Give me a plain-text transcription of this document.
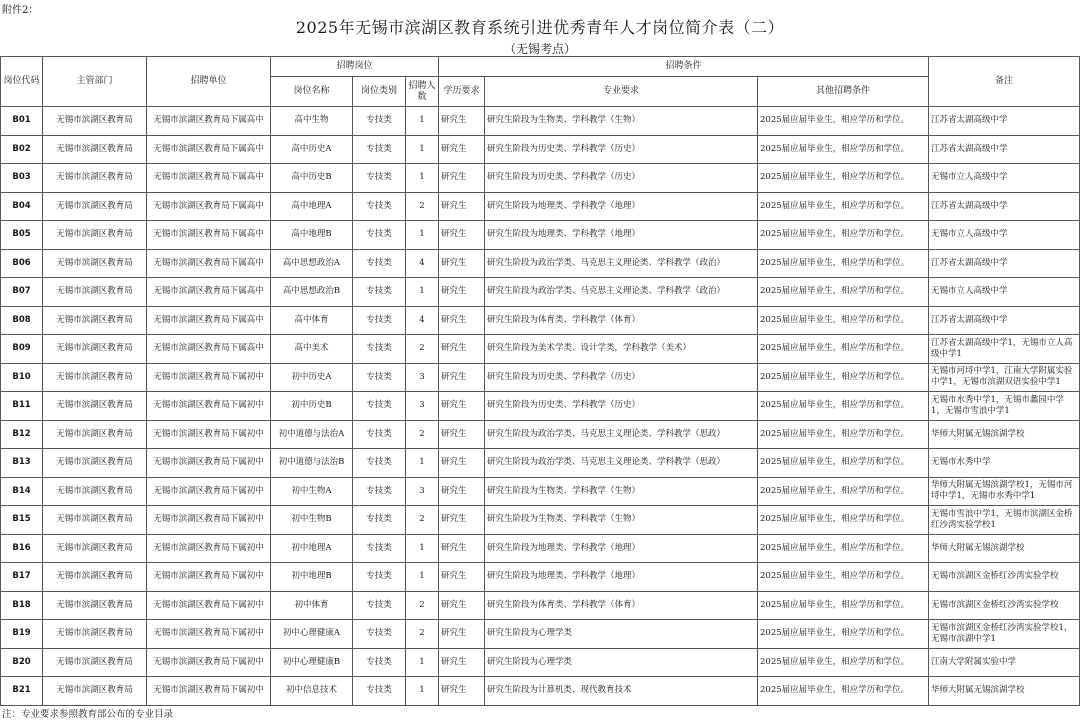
附件2：
2025年无锡市滨湖区教育系统引进优秀青年人才岗位简介表（二）
（无锡考点）
岗位代码	主管部门	招聘单位	招聘岗位			招聘条件			备注
			岗位名称	岗位类别	招聘人数	学历要求	专业要求	其他招聘条件	
B01	无锡市滨湖区教育局	无锡市滨湖区教育局下属高中	高中生物	专技类	1	研究生	研究生阶段为生物类、学科教学（生物）	2025届应届毕业生，相应学历和学位。	江苏省太湖高级中学
B02	无锡市滨湖区教育局	无锡市滨湖区教育局下属高中	高中历史A	专技类	1	研究生	研究生阶段为历史类、学科教学（历史）	2025届应届毕业生，相应学历和学位。	江苏省太湖高级中学
B03	无锡市滨湖区教育局	无锡市滨湖区教育局下属高中	高中历史B	专技类	1	研究生	研究生阶段为历史类、学科教学（历史）	2025届应届毕业生，相应学历和学位。	无锡市立人高级中学
B04	无锡市滨湖区教育局	无锡市滨湖区教育局下属高中	高中地理A	专技类	2	研究生	研究生阶段为地理类、学科教学（地理）	2025届应届毕业生，相应学历和学位。	江苏省太湖高级中学
B05	无锡市滨湖区教育局	无锡市滨湖区教育局下属高中	高中地理B	专技类	1	研究生	研究生阶段为地理类、学科教学（地理）	2025届应届毕业生，相应学历和学位。	无锡市立人高级中学
B06	无锡市滨湖区教育局	无锡市滨湖区教育局下属高中	高中思想政治A	专技类	4	研究生	研究生阶段为政治学类、马克思主义理论类、学科教学（政治）	2025届应届毕业生，相应学历和学位。	江苏省太湖高级中学
B07	无锡市滨湖区教育局	无锡市滨湖区教育局下属高中	高中思想政治B	专技类	1	研究生	研究生阶段为政治学类、马克思主义理论类、学科教学（政治）	2025届应届毕业生，相应学历和学位。	无锡市立人高级中学
B08	无锡市滨湖区教育局	无锡市滨湖区教育局下属高中	高中体育	专技类	4	研究生	研究生阶段为体育类、学科教学（体育）	2025届应届毕业生，相应学历和学位。	江苏省太湖高级中学
B09	无锡市滨湖区教育局	无锡市滨湖区教育局下属高中	高中美术	专技类	2	研究生	研究生阶段为美术学类、设计学类，学科教学（美术）	2025届应届毕业生，相应学历和学位。	江苏省太湖高级中学1，无锡市立人高级中学1
B10	无锡市滨湖区教育局	无锡市滨湖区教育局下属初中	初中历史A	专技类	3	研究生	研究生阶段为历史类、学科教学（历史）	2025届应届毕业生，相应学历和学位。	无锡市河埒中学1，江南大学附属实验中学1，无锡市滨湖双语实验中学1
B11	无锡市滨湖区教育局	无锡市滨湖区教育局下属初中	初中历史B	专技类	3	研究生	研究生阶段为历史类、学科教学（历史）	2025届应届毕业生，相应学历和学位。	无锡市水秀中学1，无锡市蠡园中学1，无锡市雪浪中学1
B12	无锡市滨湖区教育局	无锡市滨湖区教育局下属初中	初中道德与法治A	专技类	2	研究生	研究生阶段为政治学类、马克思主义理论类、学科教学（思政）	2025届应届毕业生，相应学历和学位。	华师大附属无锡滨湖学校
B13	无锡市滨湖区教育局	无锡市滨湖区教育局下属初中	初中道德与法治B	专技类	1	研究生	研究生阶段为政治学类、马克思主义理论类、学科教学（思政）	2025届应届毕业生，相应学历和学位。	无锡市水秀中学
B14	无锡市滨湖区教育局	无锡市滨湖区教育局下属初中	初中生物A	专技类	3	研究生	研究生阶段为生物类、学科教学（生物）	2025届应届毕业生，相应学历和学位。	华师大附属无锡滨湖学校1，无锡市河埒中学1，无锡市水秀中学1
B15	无锡市滨湖区教育局	无锡市滨湖区教育局下属初中	初中生物B	专技类	2	研究生	研究生阶段为生物类、学科教学（生物）	2025届应届毕业生，相应学历和学位。	无锡市雪浪中学1，无锡市滨湖区金桥红沙湾实验学校1
B16	无锡市滨湖区教育局	无锡市滨湖区教育局下属初中	初中地理A	专技类	1	研究生	研究生阶段为地理类、学科教学（地理）	2025届应届毕业生，相应学历和学位。	华师大附属无锡滨湖学校
B17	无锡市滨湖区教育局	无锡市滨湖区教育局下属初中	初中地理B	专技类	1	研究生	研究生阶段为地理类、学科教学（地理）	2025届应届毕业生，相应学历和学位。	无锡市滨湖区金桥红沙湾实验学校
B18	无锡市滨湖区教育局	无锡市滨湖区教育局下属初中	初中体育	专技类	2	研究生	研究生阶段为体育类、学科教学（体育）	2025届应届毕业生，相应学历和学位。	无锡市滨湖区金桥红沙湾实验学校
B19	无锡市滨湖区教育局	无锡市滨湖区教育局下属初中	初中心理健康A	专技类	2	研究生	研究生阶段为心理学类	2025届应届毕业生，相应学历和学位。	无锡市滨湖区金桥红沙湾实验学校1，无锡市滨湖中学1
B20	无锡市滨湖区教育局	无锡市滨湖区教育局下属初中	初中心理健康B	专技类	1	研究生	研究生阶段为心理学类	2025届应届毕业生，相应学历和学位。	江南大学附属实验中学
B21	无锡市滨湖区教育局	无锡市滨湖区教育局下属初中	初中信息技术	专技类	1	研究生	研究生阶段为计算机类、现代教育技术	2025届应届毕业生，相应学历和学位。	华师大附属无锡滨湖学校
注：专业要求参照教育部公布的专业目录
